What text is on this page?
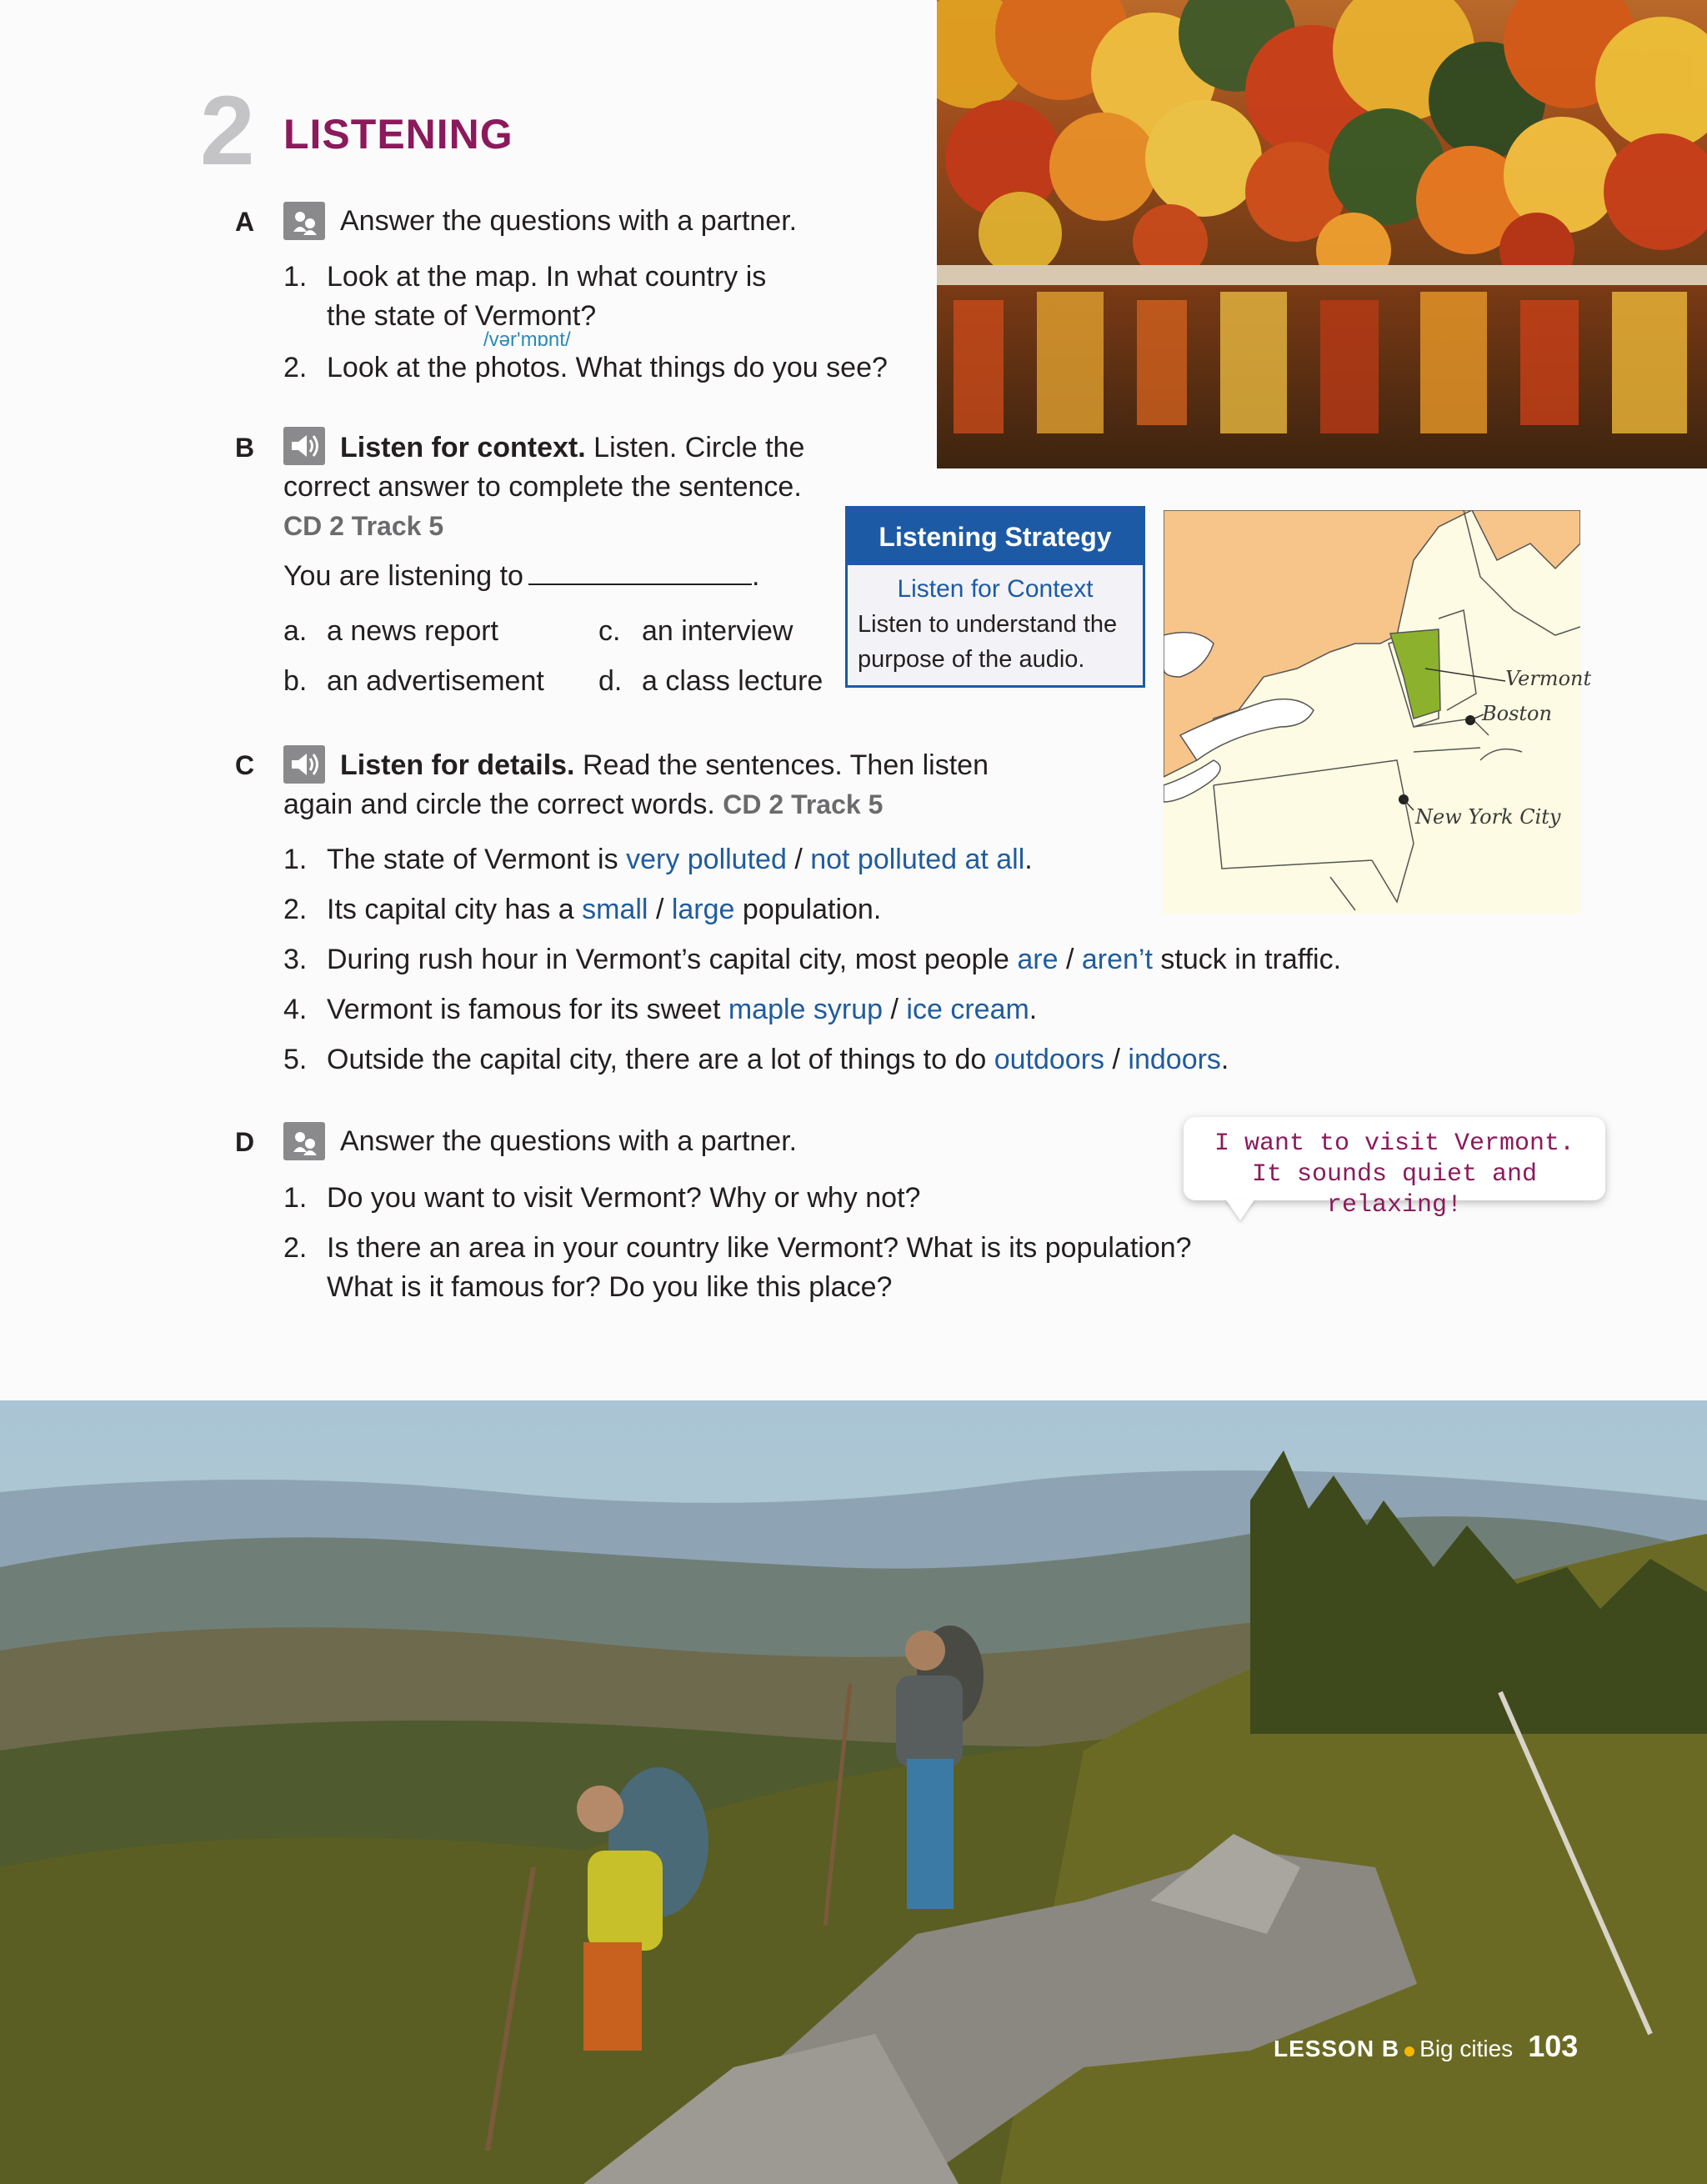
2 LISTENING
A	Answer the questions with a partner.
1. Look at the map. In what country is
the state of Vermont?
/vər'mɒnt/
2. Look at the photos. What things do you see?
B	Listen for context. Listen. Circle the
correct answer to complete the sentence.
CD 2 Track 5
You are listening to	.
a. a news report
b. an advertisement
c. an interview
d. a class lecture
Listening Strategy
Listen for Context
Listen to understand the
purpose of the audio.
Vermont
Boston
New York City
C	Listen for details. Read the sentences. Then listen
again and circle the correct words. CD 2 Track 5
1. The state of Vermont is very polluted / not polluted at all.
2. Its capital city has a small / large population.
3. During rush hour in Vermont’s capital city, most people are / aren’t stuck in traffic.
4. Vermont is famous for its sweet maple syrup / ice cream.
5. Outside the capital city, there are a lot of things to do outdoors / indoors.
D	Answer the questions with a partner.
1. Do you want to visit Vermont? Why or why not?
2. Is there an area in your country like Vermont? What is its population?
What is it famous for? Do you like this place?
I want to visit Vermont.
It sounds quiet and relaxing!
LESSON B Big cities 103
